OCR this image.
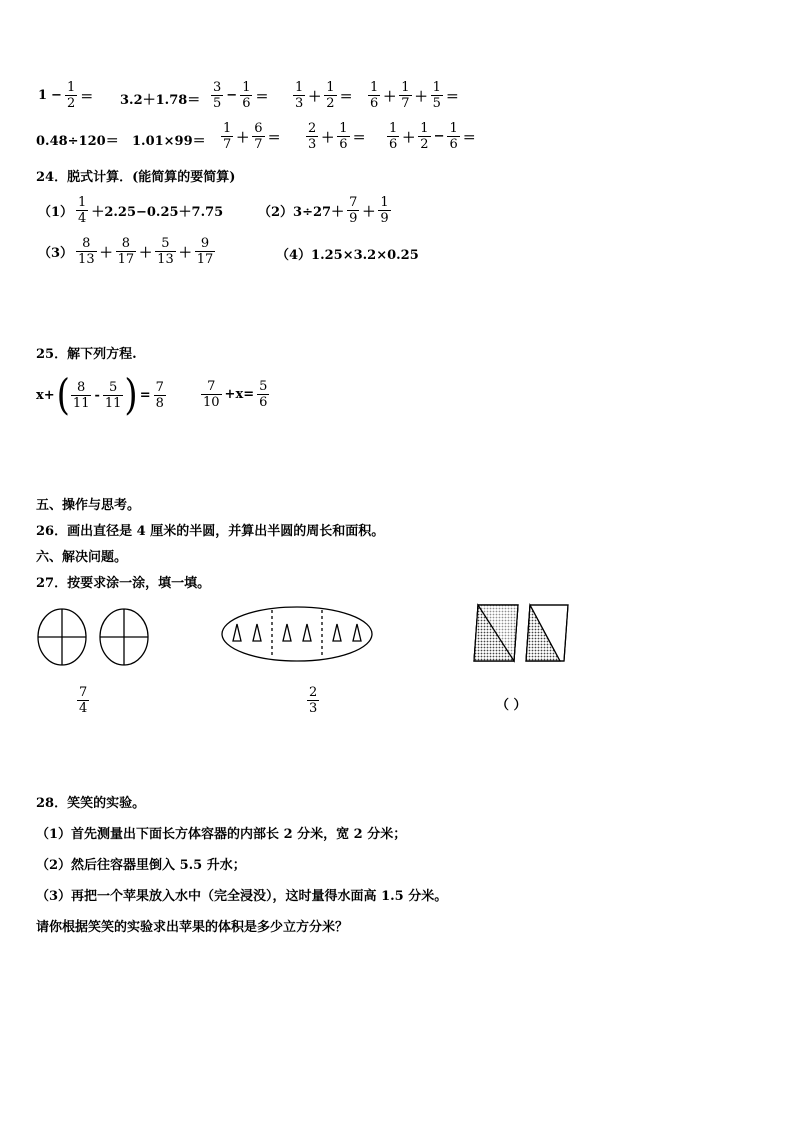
$1 - \frac{1}{2} = 3.2+1.78= \frac{3}{5} - \frac{1}{6} = \frac{1}{3} + \frac{1}{2} = \frac{1}{6} + \frac{1}{7} + \frac{1}{5}$ ＝
$0.48\div 120= 1.01\times 99= \frac{1}{7} + \frac{6}{7} = \frac{2}{3} + \frac{1}{6} = \frac{1}{6} + \frac{1}{2} - \frac{1}{6}$ ＝
24．脱式计算．(能简算的要简算)
$(1) \frac{1}{4} +2.25-0.25+7.75$	$(2)3\div 27+ \frac{7}{9} + \frac{1}{9}$
$(3) \frac{8}{13} + \frac{8}{17} + \frac{5}{13} + \frac{9}{17}$	（4）1.25×3.2×0.25
25．解下列方程.
x+ ( $\frac{8}{11} - \frac{5}{11}$ ) = $\frac{7}{8}$	$\frac{7}{10} +x= \frac{5}{6}$
五、操作与思考。
26．画出直径是 4 厘米的半圆，并算出半圆的周长和面积。
六、解决问题。
27．按要求涂一涂，填一填。
$\frac{7}{4}$	$\frac{2}{3}$	（ ）
28．笑笑的实验。
（1）首先测量出下面长方体容器的内部长 2 分米，宽 2 分米；
（2）然后往容器里倒入 5.5 升水；
（3）再把一个苹果放入水中（完全浸没），这时量得水面高 1.5 分米。
请你根据笑笑的实验求出苹果的体积是多少立方分米？
